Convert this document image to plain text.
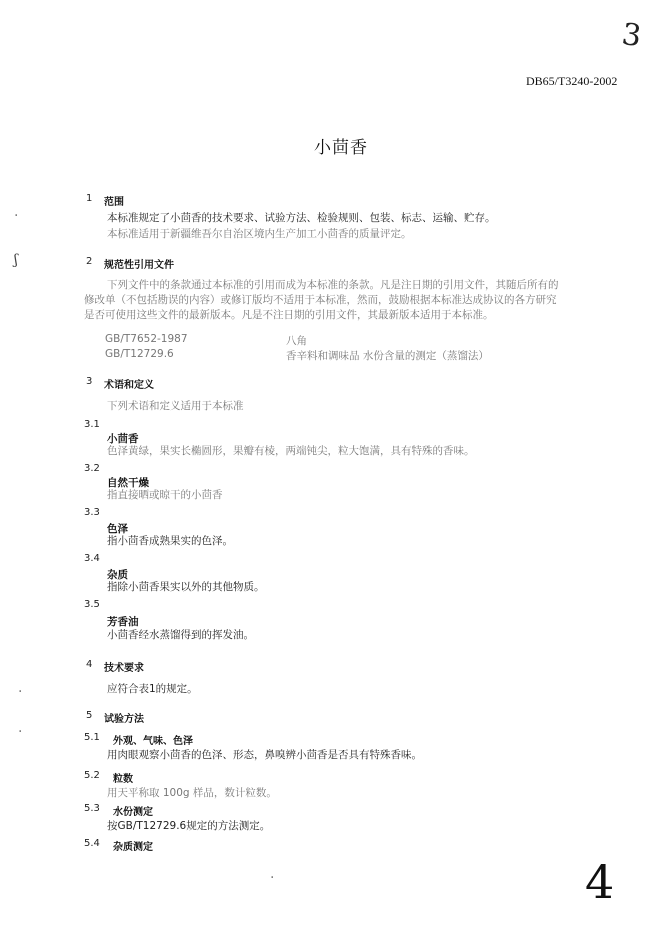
3
DB65/T3240-2002
小茴香
·
ʃ
·
·
1 范围
本标准规定了小茴香的技术要求、试验方法、检验规则、包装、标志、运输、贮存。
本标准适用于新疆维吾尔自治区境内生产加工小茴香的质量评定。
2 规范性引用文件
下列文件中的条款通过本标准的引用而成为本标准的条款。凡是注日期的引用文件，其随后所有的
修改单（不包括勘误的内容）或修订版均不适用于本标准，然而，鼓励根据本标准达成协议的各方研究
是否可使用这些文件的最新版本。凡是不注日期的引用文件，其最新版本适用于本标准。
GB/T7652-1987	八角
GB/T12729.6	香辛料和调味品 水份含量的测定（蒸馏法）
3 术语和定义
下列术语和定义适用于本标准
3.1
小茴香
色泽黄绿，果实长椭圆形，果瓣有棱，两端钝尖，粒大饱满，具有特殊的香味。
3.2
自然干燥
指直接晒或晾干的小茴香
3.3
色泽
指小茴香成熟果实的色泽。
3.4
杂质
指除小茴香果实以外的其他物质。
3.5
芳香油
小茴香经水蒸馏得到的挥发油。
4 技术要求
应符合表1的规定。
5 试验方法
5.1 外观、气味、色泽
用肉眼观察小茴香的色泽、形态，鼻嗅辨小茴香是否具有特殊香味。
5.2 粒数
用天平称取 100g 样品，数计粒数。
5.3 水份测定
按GB/T12729.6规定的方法测定。
5.4 杂质测定
·	4
